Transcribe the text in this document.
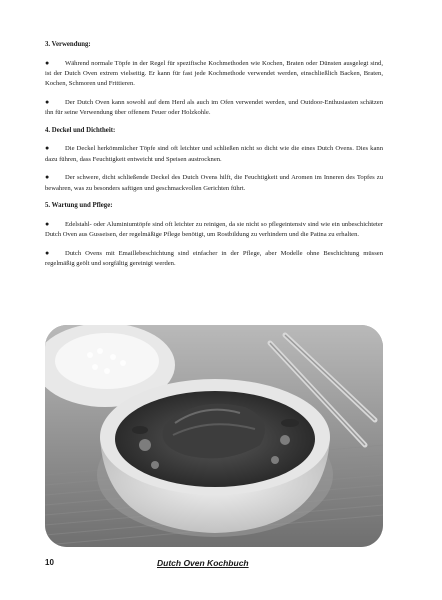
3. Verwendung:

● Während normale Töpfe in der Regel für spezifische Kochmethoden wie Kochen, Braten oder Dünsten ausgelegt sind, ist der Dutch Oven extrem vielseitig. Er kann für fast jede Kochmethode verwendet werden, einschließlich Backen, Braten, Kochen, Schmoren und Frittieren.

● Der Dutch Oven kann sowohl auf dem Herd als auch im Ofen verwendet werden, und Outdoor-Enthusiasten schätzen ihn für seine Verwendung über offenem Feuer oder Holzkohle.

4. Deckel und Dichtheit:

● Die Deckel herkömmlicher Töpfe sind oft leichter und schließen nicht so dicht wie die eines Dutch Ovens. Dies kann dazu führen, dass Feuchtigkeit entweicht und Speisen austrocknen.

● Der schwere, dicht schließende Deckel des Dutch Ovens hilft, die Feuchtigkeit und Aromen im Inneren des Topfes zu bewahren, was zu besonders saftigen und geschmackvollen Gerichten führt.

5. Wartung und Pflege:

● Edelstahl- oder Aluminiumtöpfe sind oft leichter zu reinigen, da sie nicht so pflegeintensiv sind wie ein unbeschichteter Dutch Oven aus Gusseisen, der regelmäßige Pflege benötigt, um Rostbildung zu verhindern und die Patina zu erhalten.

● Dutch Ovens mit Emaillebeschichtung sind einfacher in der Pflege, aber Modelle ohne Beschichtung müssen regelmäßig geölt und sorgfältig gereinigt werden.

10	Dutch Oven Kochbuch
